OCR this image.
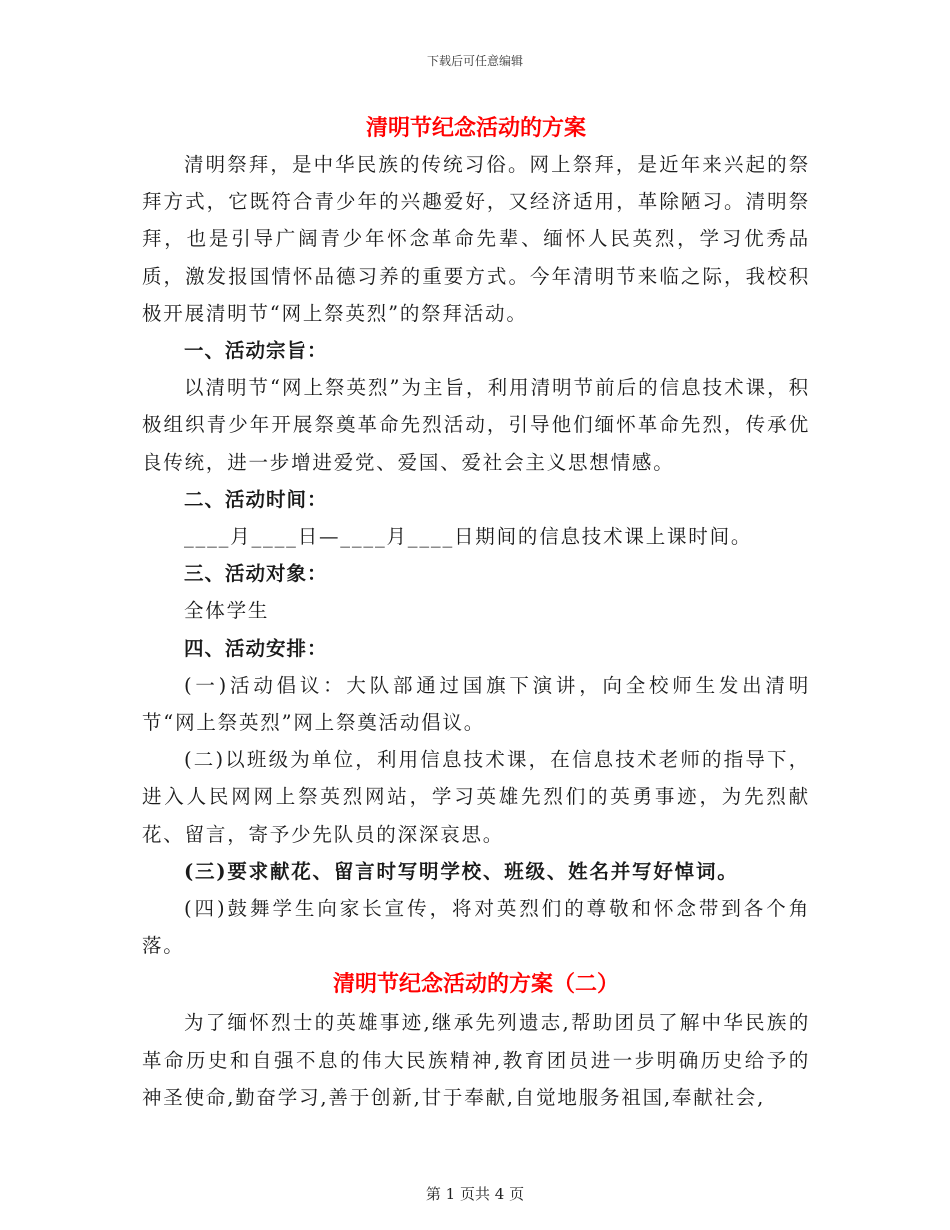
下载后可任意编辑
清明节纪念活动的方案

清明祭拜，是中华民族的传统习俗。网上祭拜，是近年来兴起的祭拜方式，它既符合青少年的兴趣爱好，又经济适用，革除陋习。清明祭拜，也是引导广阔青少年怀念革命先辈、缅怀人民英烈，学习优秀品质，激发报国情怀品德习养的重要方式。今年清明节来临之际，我校积极开展清明节“网上祭英烈”的祭拜活动。

一、活动宗旨：

以清明节“网上祭英烈”为主旨，利用清明节前后的信息技术课，积极组织青少年开展祭奠革命先烈活动，引导他们缅怀革命先烈，传承优良传统，进一步增进爱党、爱国、爱社会主义思想情感。

二、活动时间：

____月____日—____月____日期间的信息技术课上课时间。

三、活动对象：

全体学生

四、活动安排：

(一)活动倡议：大队部通过国旗下演讲，向全校师生发出清明节“网上祭英烈”网上祭奠活动倡议。

(二)以班级为单位，利用信息技术课，在信息技术老师的指导下，进入人民网网上祭英烈网站，学习英雄先烈们的英勇事迹，为先烈献花、留言，寄予少先队员的深深哀思。

(三)要求献花、留言时写明学校、班级、姓名并写好悼词。

(四)鼓舞学生向家长宣传，将对英烈们的尊敬和怀念带到各个角落。

清明节纪念活动的方案（二）

为了缅怀烈士的英雄事迹,继承先列遗志,帮助团员了解中华民族的革命历史和自强不息的伟大民族精神,教育团员进一步明确历史给予的神圣使命,勤奋学习,善于创新,甘于奉献,自觉地服务祖国,奉献社会,

第 1 页共 4 页
